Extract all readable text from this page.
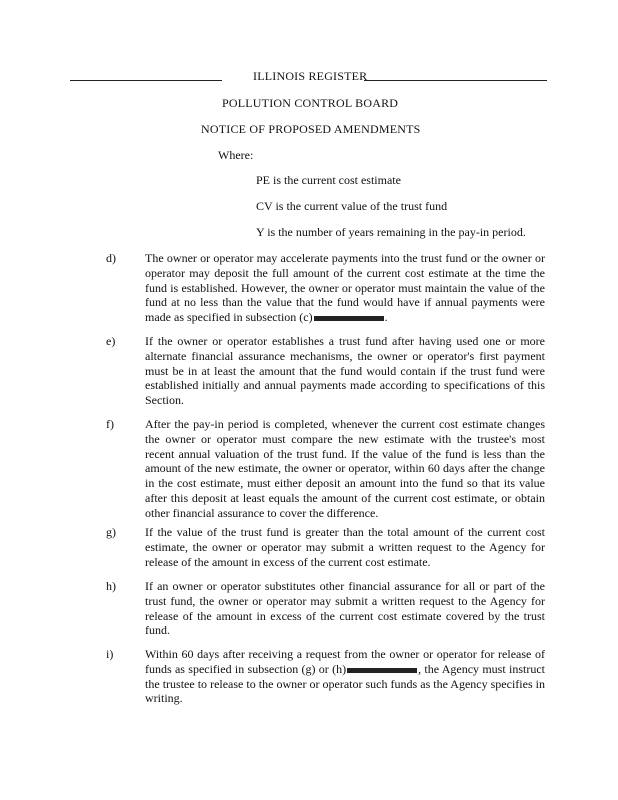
ILLINOIS REGISTER
POLLUTION CONTROL BOARD
NOTICE OF PROPOSED AMENDMENTS
Where:
PE is the current cost estimate
CV is the current value of the trust fund
Y is the number of years remaining in the pay-in period.
d) The owner or operator may accelerate payments into the trust fund or the owner or operator may deposit the full amount of the current cost estimate at the time the fund is established. However, the owner or operator must maintain the value of the fund at no less than the value that the fund would have if annual payments were made as specified in subsection (c)	.
e) If the owner or operator establishes a trust fund after having used one or more alternate financial assurance mechanisms, the owner or operator's first payment must be in at least the amount that the fund would contain if the trust fund were established initially and annual payments made according to specifications of this Section.
f)	After the pay-in period is completed, whenever the current cost estimate changes the owner or operator must compare the new estimate with the trustee's most recent annual valuation of the trust fund. If the value of the fund is less than the amount of the new estimate, the owner or operator, within 60 days after the change in the cost estimate, must either deposit an amount into the fund so that its value after this deposit at least equals the amount of the current cost estimate, or obtain other financial assurance to cover the difference.
g) If the value of the trust fund is greater than the total amount of the current cost estimate, the owner or operator may submit a written request to the Agency for release of the amount in excess of the current cost estimate.
h) If an owner or operator substitutes other financial assurance for all or part of the trust fund, the owner or operator may submit a written request to the Agency for release of the amount in excess of the current cost estimate covered by the trust fund.
i)	Within 60 days after receiving a request from the owner or operator for release of funds as specified in subsection (g) or (h)	, the Agency must instruct the trustee to release to the owner or operator such funds as the Agency specifies in writing.
